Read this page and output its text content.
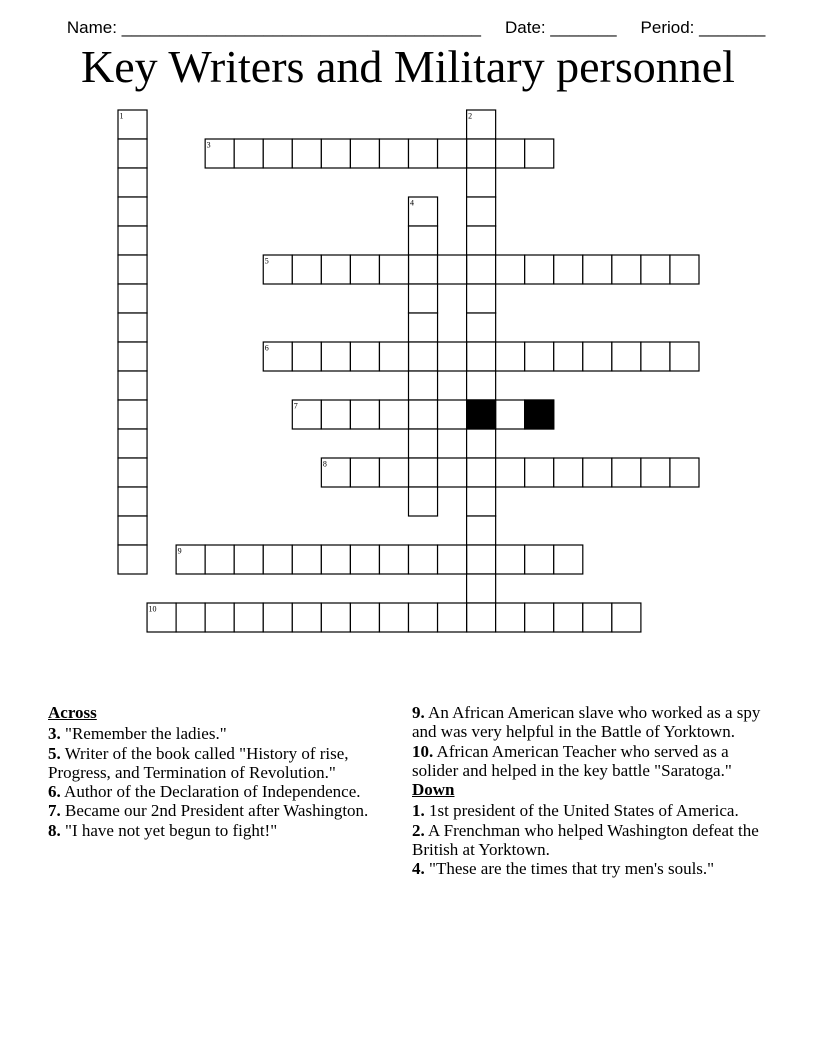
Name: ______________________________________ Date: _______ Period: _______

Key Writers and Military personnel
1	2
3
4
5
6
7
8
9
10
Across
3. "Remember the ladies."
5. Writer of the book called "History of rise, Progress, and Termination of Revolution."
6. Author of the Declaration of Independence.
7. Became our 2nd President after Washington.
8. "I have not yet begun to fight!"
9. An African American slave who worked as a spy and was very helpful in the Battle of Yorktown.
10. African American Teacher who served as a solider and helped in the key battle "Saratoga."
Down
1. 1st president of the United States of America.
2. A Frenchman who helped Washington defeat the British at Yorktown.
4. "These are the times that try men's souls."
